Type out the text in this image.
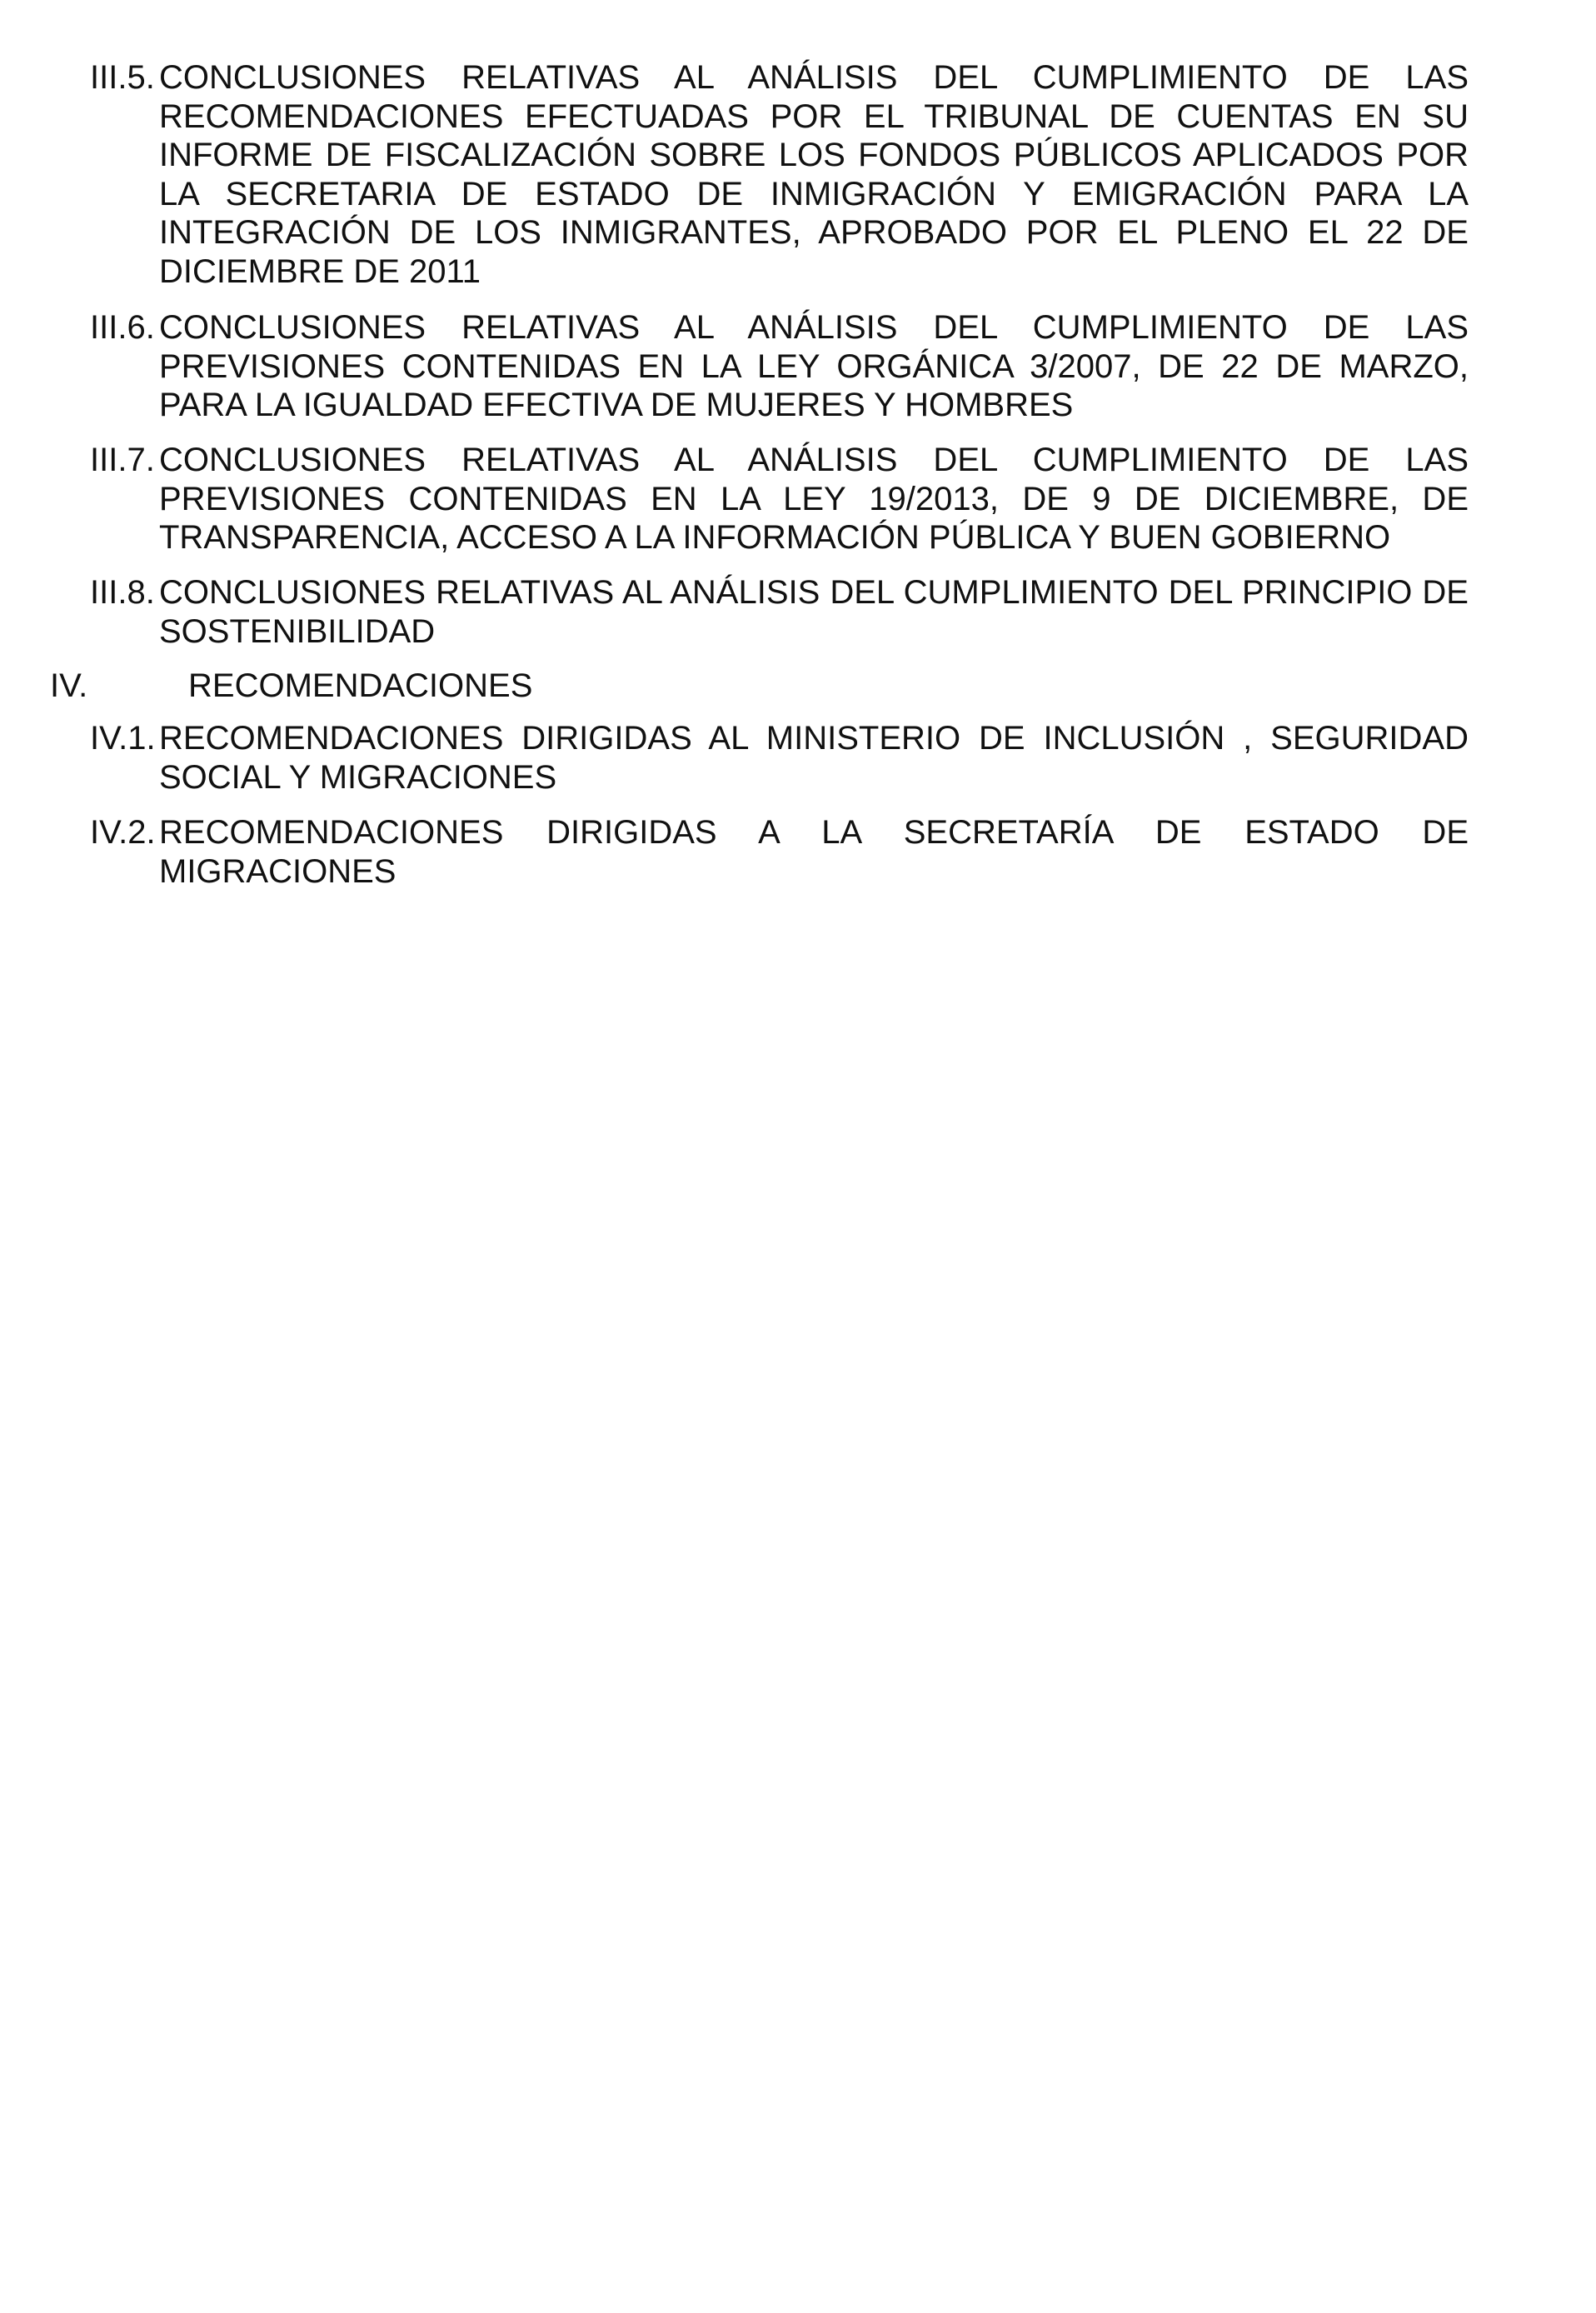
III.5. CONCLUSIONES RELATIVAS AL ANÁLISIS DEL CUMPLIMIENTO DE LAS RECOMENDACIONES EFECTUADAS POR EL TRIBUNAL DE CUENTAS EN SU INFORME DE FISCALIZACIÓN SOBRE LOS FONDOS PÚBLICOS APLICADOS POR LA SECRETARIA DE ESTADO DE INMIGRACIÓN Y EMIGRACIÓN PARA LA INTEGRACIÓN DE LOS INMIGRANTES, APROBADO POR EL PLENO EL 22 DE DICIEMBRE DE 2011
III.6. CONCLUSIONES RELATIVAS AL ANÁLISIS DEL CUMPLIMIENTO DE LAS PREVISIONES CONTENIDAS EN LA LEY ORGÁNICA 3/2007, DE 22 DE MARZO, PARA LA IGUALDAD EFECTIVA DE MUJERES Y HOMBRES
III.7. CONCLUSIONES RELATIVAS AL ANÁLISIS DEL CUMPLIMIENTO DE LAS PREVISIONES CONTENIDAS EN LA LEY 19/2013, DE 9 DE DICIEMBRE, DE TRANSPARENCIA, ACCESO A LA INFORMACIÓN PÚBLICA Y BUEN GOBIERNO
III.8. CONCLUSIONES RELATIVAS AL ANÁLISIS DEL CUMPLIMIENTO DEL PRINCIPIO DE SOSTENIBILIDAD
IV.	RECOMENDACIONES
IV.1. RECOMENDACIONES DIRIGIDAS AL MINISTERIO DE INCLUSIÓN , SEGURIDAD SOCIAL Y MIGRACIONES
IV.2. RECOMENDACIONES DIRIGIDAS A LA SECRETARÍA DE ESTADO DE MIGRACIONES
